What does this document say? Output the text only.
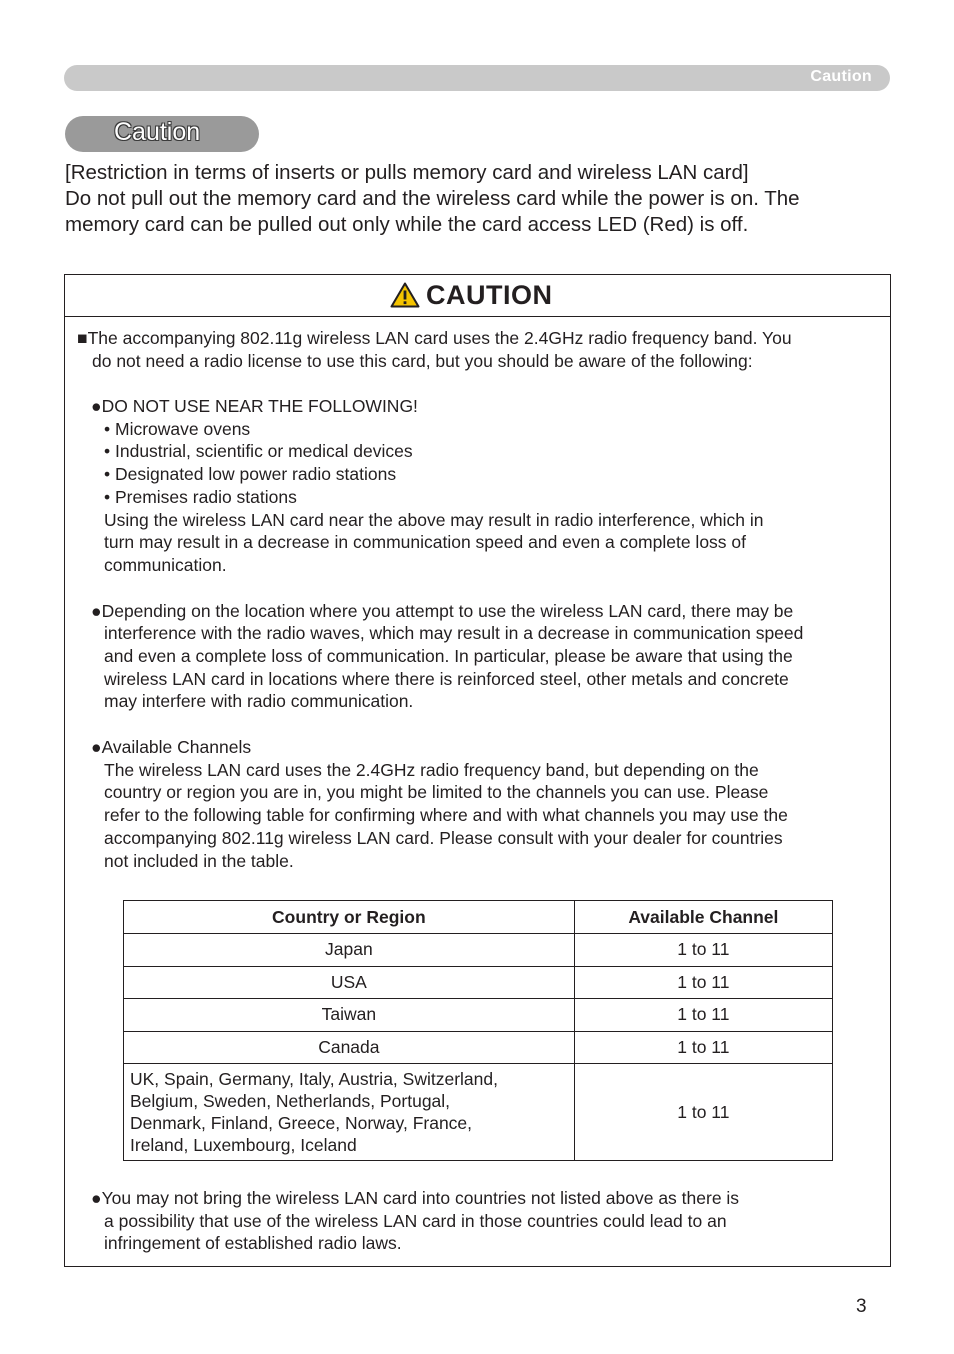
Caution
Caution
[Restriction in terms of inserts or pulls memory card and wireless LAN card]
Do not pull out the memory card and the wireless card while the power is on. The
memory card can be pulled out only while the card access LED (Red) is off.
CAUTION
■The accompanying 802.11g wireless LAN card uses the 2.4GHz radio frequency band. You
do not need a radio license to use this card, but you should be aware of the following:
●DO NOT USE NEAR THE FOLLOWING!
• Microwave ovens
• Industrial, scientific or medical devices
• Designated low power radio stations
• Premises radio stations
Using the wireless LAN card near the above may result in radio interference, which in
turn may result in a decrease in communication speed and even a complete loss of
communication.
●Depending on the location where you attempt to use the wireless LAN card, there may be
interference with the radio waves, which may result in a decrease in communication speed
and even a complete loss of communication. In particular, please be aware that using the
wireless LAN card in locations where there is reinforced steel, other metals and concrete
may interfere with radio communication.
●Available Channels
The wireless LAN card uses the 2.4GHz radio frequency band, but depending on the
country or region you are in, you might be limited to the channels you can use. Please
refer to the following table for confirming where and with what channels you may use the
accompanying 802.11g wireless LAN card. Please consult with your dealer for countries
not included in the table.
Country or Region	Available Channel
Japan	1 to 11
USA	1 to 11
Taiwan	1 to 11
Canada	1 to 11

UK, Spain, Germany, Italy, Austria, Switzerland,
Belgium, Sweden, Netherlands, Portugal,
Denmark, Finland, Greece, Norway, France,
Ireland, Luxembourg, Iceland	1 to 11
●You may not bring the wireless LAN card into countries not listed above as there is
a possibility that use of the wireless LAN card in those countries could lead to an
infringement of established radio laws.
3
